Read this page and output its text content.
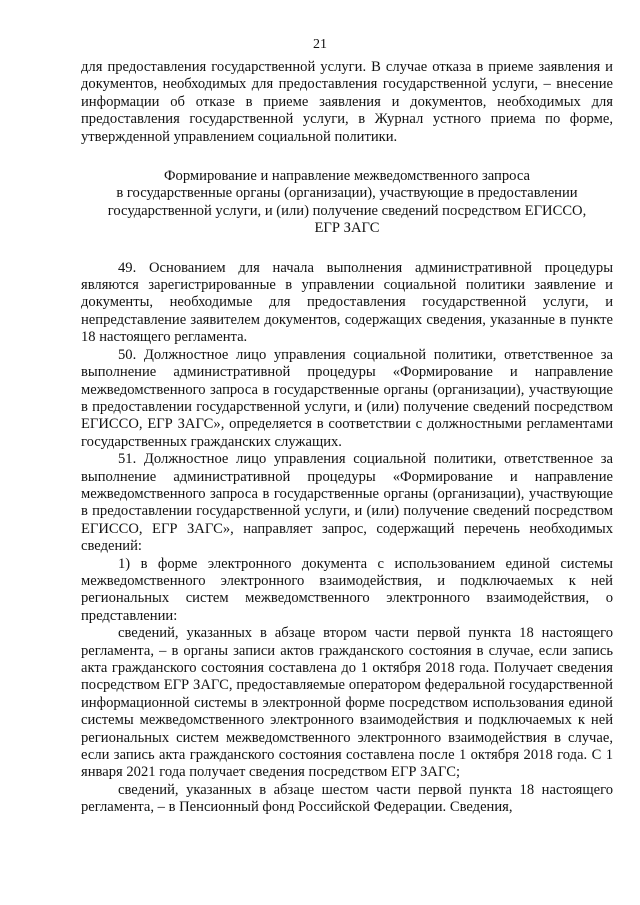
21

для предоставления государственной услуги. В случае отказа в приеме заявления и документов, необходимых для предоставления государственной услуги, – внесение информации об отказе в приеме заявления и документов, необходимых для предоставления государственной услуги, в Журнал устного приема по форме, утвержденной управлением социальной политики.

Формирование и направление межведомственного запроса

в государственные органы (организации), участвующие в предоставлении

государственной услуги, и (или) получение сведений посредством ЕГИССО,

ЕГР ЗАГС

49. Основанием для начала выполнения административной процедуры являются зарегистрированные в управлении социальной политики заявление и документы, необходимые для предоставления государственной услуги, и непредставление заявителем документов, содержащих сведения, указанные в пункте 18 настоящего регламента.

50. Должностное лицо управления социальной политики, ответственное за выполнение административной процедуры «Формирование и направление межведомственного запроса в государственные органы (организации), участвующие в предоставлении государственной услуги, и (или) получение сведений посредством ЕГИССО, ЕГР ЗАГС», определяется в соответствии с должностными регламентами государственных гражданских служащих.

51. Должностное лицо управления социальной политики, ответственное за выполнение административной процедуры «Формирование и направление межведомственного запроса в государственные органы (организации), участвующие в предоставлении государственной услуги, и (или) получение сведений посредством ЕГИССО, ЕГР ЗАГС», направляет запрос, содержащий перечень необходимых сведений:

1) в форме электронного документа с использованием единой системы межведомственного электронного взаимодействия, и подключаемых к ней региональных систем межведомственного электронного взаимодействия, о представлении:

сведений, указанных в абзаце втором части первой пункта 18 настоящего регламента, – в органы записи актов гражданского состояния в случае, если запись акта гражданского состояния составлена до 1 октября 2018 года. Получает сведения посредством ЕГР ЗАГС, предоставляемые оператором федеральной государственной информационной системы в электронной форме посредством использования единой системы межведомственного электронного взаимодействия и подключаемых к ней региональных систем межведомственного электронного взаимодействия в случае, если запись акта гражданского состояния составлена после 1 октября 2018 года. С 1 января 2021 года получает сведения посредством ЕГР ЗАГС;

сведений, указанных в абзаце шестом части первой пункта 18 настоящего регламента, – в Пенсионный фонд Российской Федерации. Сведения,
